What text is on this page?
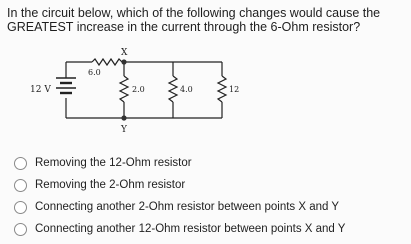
In the circuit below, which of the following changes would cause the GREATEST increase in the current through the 6-Ohm resistor?
X
Y
6.0
12 V	2.0	4.0	12
Removing the 12-Ohm resistor
Removing the 2-Ohm resistor
Connecting another 2-Ohm resistor between points X and Y
Connecting another 12-Ohm resistor between points X and Y
